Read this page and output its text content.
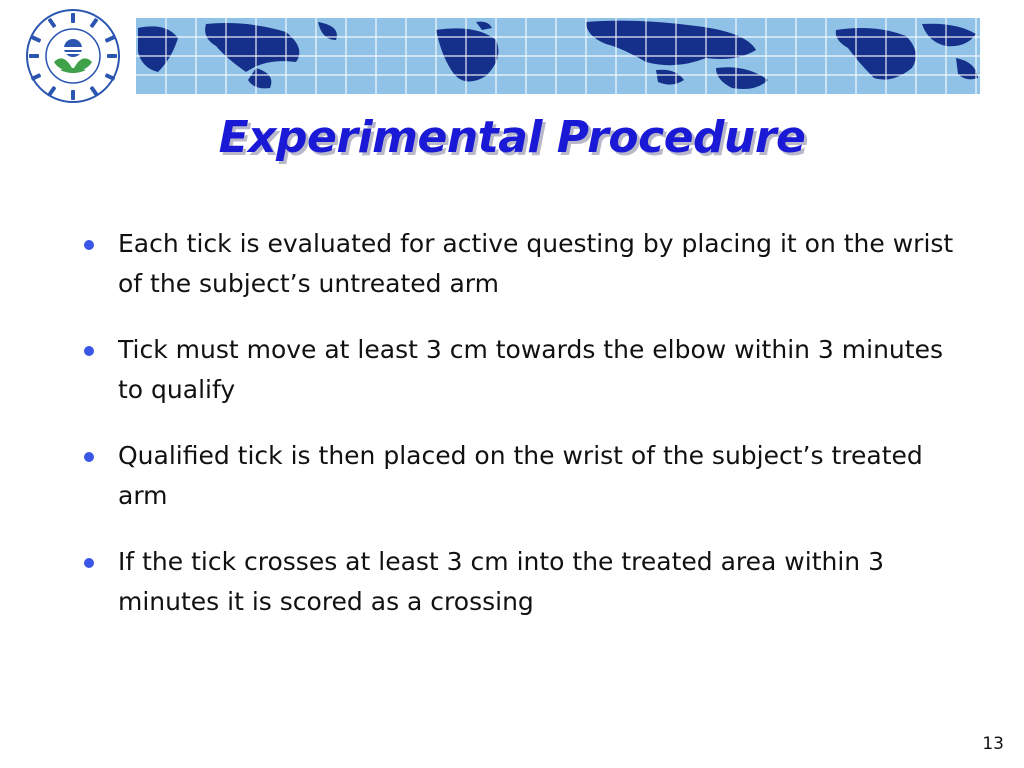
Experimental Procedure
Each tick is evaluated for active questing by placing it on the wrist of the subject’s untreated arm
Tick must move at least 3 cm towards the elbow within 3 minutes to qualify
Qualified tick is then placed on the wrist of the subject’s treated arm
If the tick crosses at least 3 cm into the treated area within 3 minutes it is scored as a crossing
13
